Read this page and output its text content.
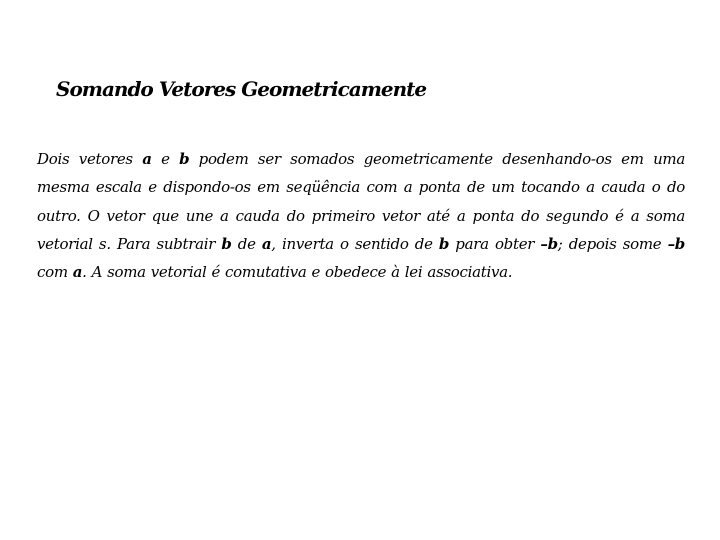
Somando Vetores Geometricamente

Dois vetores a e b podem ser somados geometricamente desenhando-os em uma mesma escala e dispondo-os em seqüência com a ponta de um tocando a cauda o do outro. O vetor que une a cauda do primeiro vetor até a ponta do segundo é a soma vetorial s. Para subtrair b de a, inverta o sentido de b para obter –b; depois some –b com a. A soma vetorial é comutativa e obedece à lei associativa.
